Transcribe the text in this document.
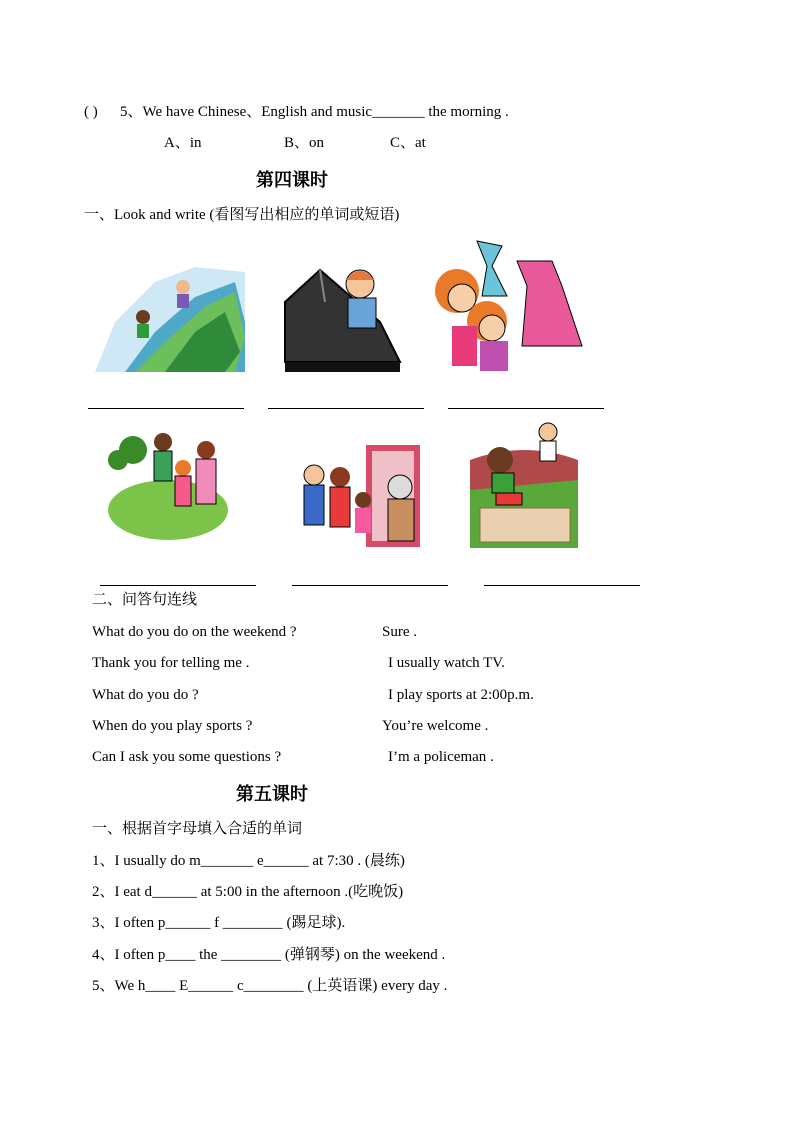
( ) 5、We have Chinese、English and music_______ the morning .
A、in	B、on	C、at
第四课时
一、Look and write (看图写出相应的单词或短语)
二、问答句连线
What do you do on the weekend ?
Thank you for telling me .
What do you do ?
When do you play sports ?
Can I ask you some questions ?
Sure .
I usually watch TV.
I play sports at 2:00p.m.
You’re welcome .
I’m a policeman .
第五课时
一、根据首字母填入合适的单词
1、I usually do m_______ e______ at 7:30 . (晨练)
2、I eat d______ at 5:00 in the afternoon .(吃晚饭)
3、I often p______ f ________ (踢足球).
4、I often p____ the ________ (弹钢琴) on the weekend .
5、We h____ E______ c________ (上英语课) every day .
